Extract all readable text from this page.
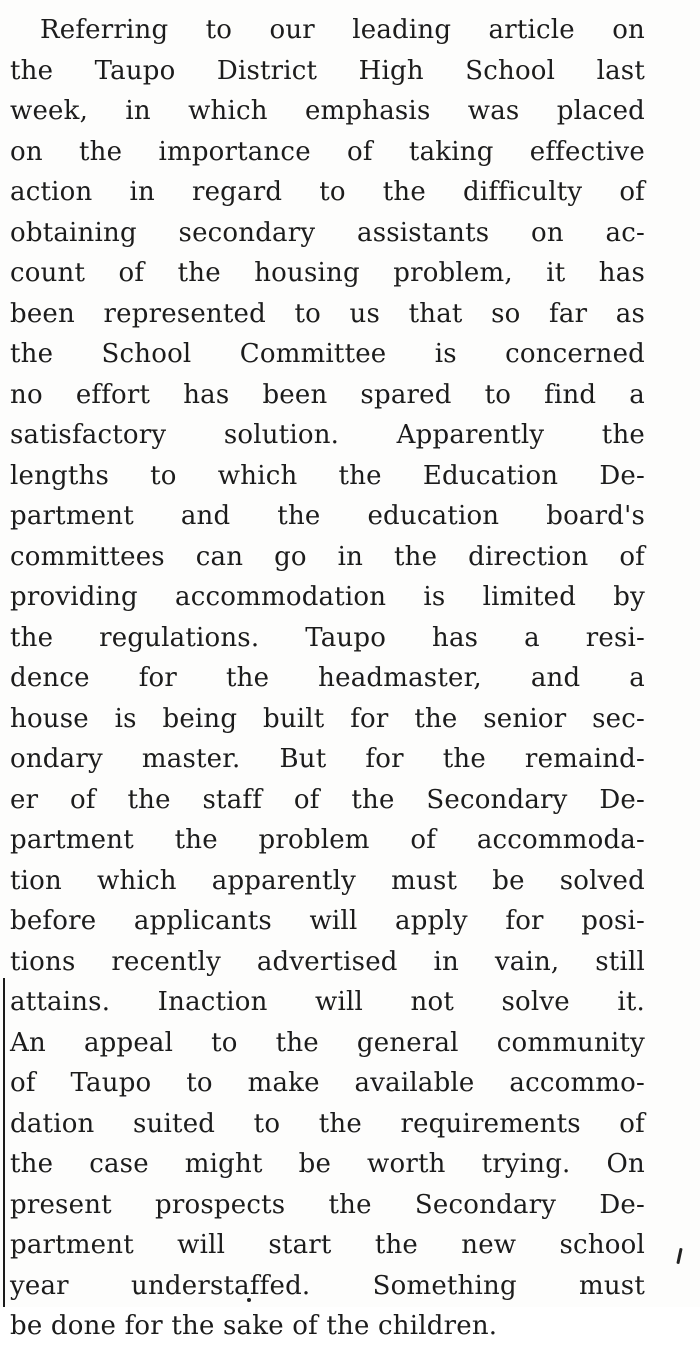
Referring to our leading article on
the Taupo District High School last
week, in which emphasis was placed
on the importance of taking effective
action in regard to the difficulty of
obtaining secondary assistants on ac-
count of the housing problem, it has
been represented to us that so far as
the School Committee is concerned
no effort has been spared to find a
satisfactory solution. Apparently the
lengths to which the Education De-
partment and the education board's
committees can go in the direction of
providing accommodation is limited by
the regulations. Taupo has a resi-
dence for the headmaster, and a
house is being built for the senior sec-
ondary master. But for the remaind-
er of the staff of the Secondary De-
partment the problem of accommoda-
tion which apparently must be solved
before applicants will apply for posi-
tions recently advertised in vain, still
attains. Inaction will not solve it.
An appeal to the general community
of Taupo to make available accommo-
dation suited to the requirements of
the case might be worth trying. On
present prospects the Secondary De-
partment will start the new school
year understaffed. Something must
be done for the sake of the children.
